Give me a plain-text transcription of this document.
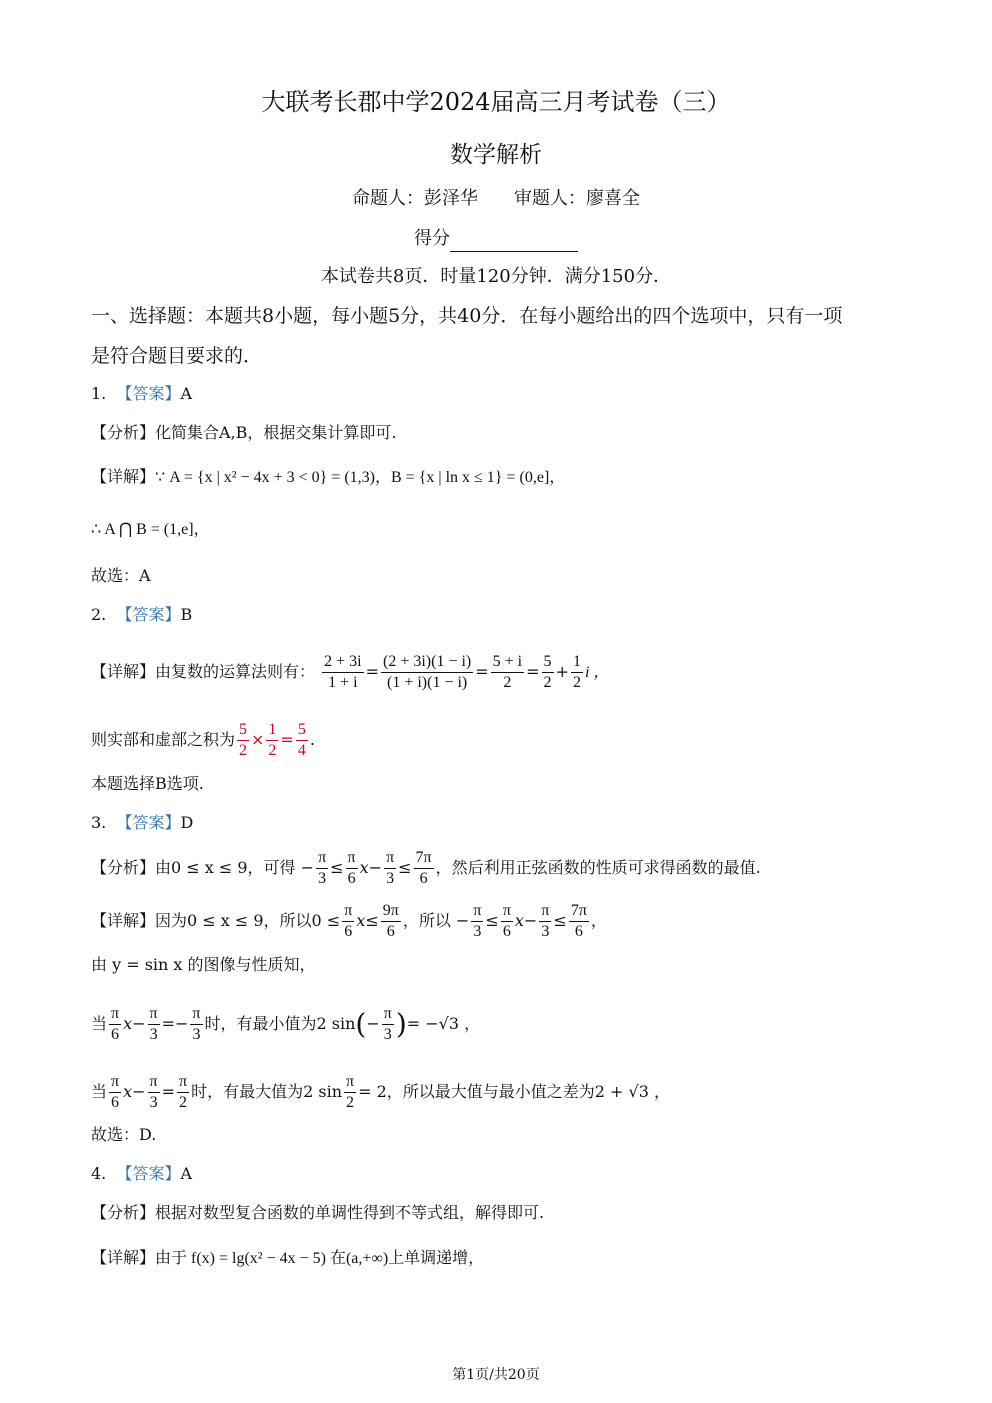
大联考长郡中学2024届高三月考试卷（三）
数学解析
命题人：彭泽华　　审题人：廖喜全
得分
本试卷共8页．时量120分钟．满分150分．
一、选择题：本题共8小题，每小题5分，共40分．在每小题给出的四个选项中，只有一项
是符合题目要求的．
1. 【答案】A
【分析】化简集合A,B，根据交集计算即可.
【详解】∵ A = {x | x² − 4x + 3 < 0} = (1,3)，B = {x | ln x ≤ 1} = (0,e]，
∴ A ⋂ B = (1,e]，
故选：A
2. 【答案】B
【详解】由复数的运算法则有： $\frac{2 + 3i}{1 + i} = \frac{(2 + 3i)(1 - i)}{(1 + i)(1 - i)} = \frac{5 + i}{2} = \frac{5}{2} + \frac{1}{2}$ i ，
则实部和虚部之积为 $\frac{5}{2} \times \frac{1}{2} = \frac{5}{4}$ .
本题选择B选项.
3. 【答案】D
【分析】由0 ≤ x ≤ 9，可得 − $\frac{\pi}{3} \le \frac{\pi}{6} x- \frac{\pi}{3} \le \frac{7\pi}{6}$ ，然后利用正弦函数的性质可求得函数的最值.
【详解】因为0 ≤ x ≤ 9，所以$0 \le \frac{\pi}{6} x\le \frac{9\pi}{6}$ ，所以 − $\frac{\pi}{3} \le \frac{\pi}{6} x- \frac{\pi}{3} \le \frac{7\pi}{6}$ ，
由 y = sin x 的图像与性质知，
当 $\frac{\pi}{6} x- \frac{\pi}{3} =- \frac{\pi}{3}$ 时，有最小值为2 $\sin(- \frac{\pi}{3}$ )= −√3 ，
当 $\frac{\pi}{6} x- \frac{\pi}{3} = \frac{\pi}{2}$ 时，有最大值为2 $\sin \frac{\pi}{2} = 2$，所以最大值与最小值之差为2 + √3 ，
故选：D.
4. 【答案】A
【分析】根据对数型复合函数的单调性得到不等式组，解得即可.
【详解】由于 f(x) = lg(x² − 4x − 5) 在(a,+∞)上单调递增，
第1页/共20页
